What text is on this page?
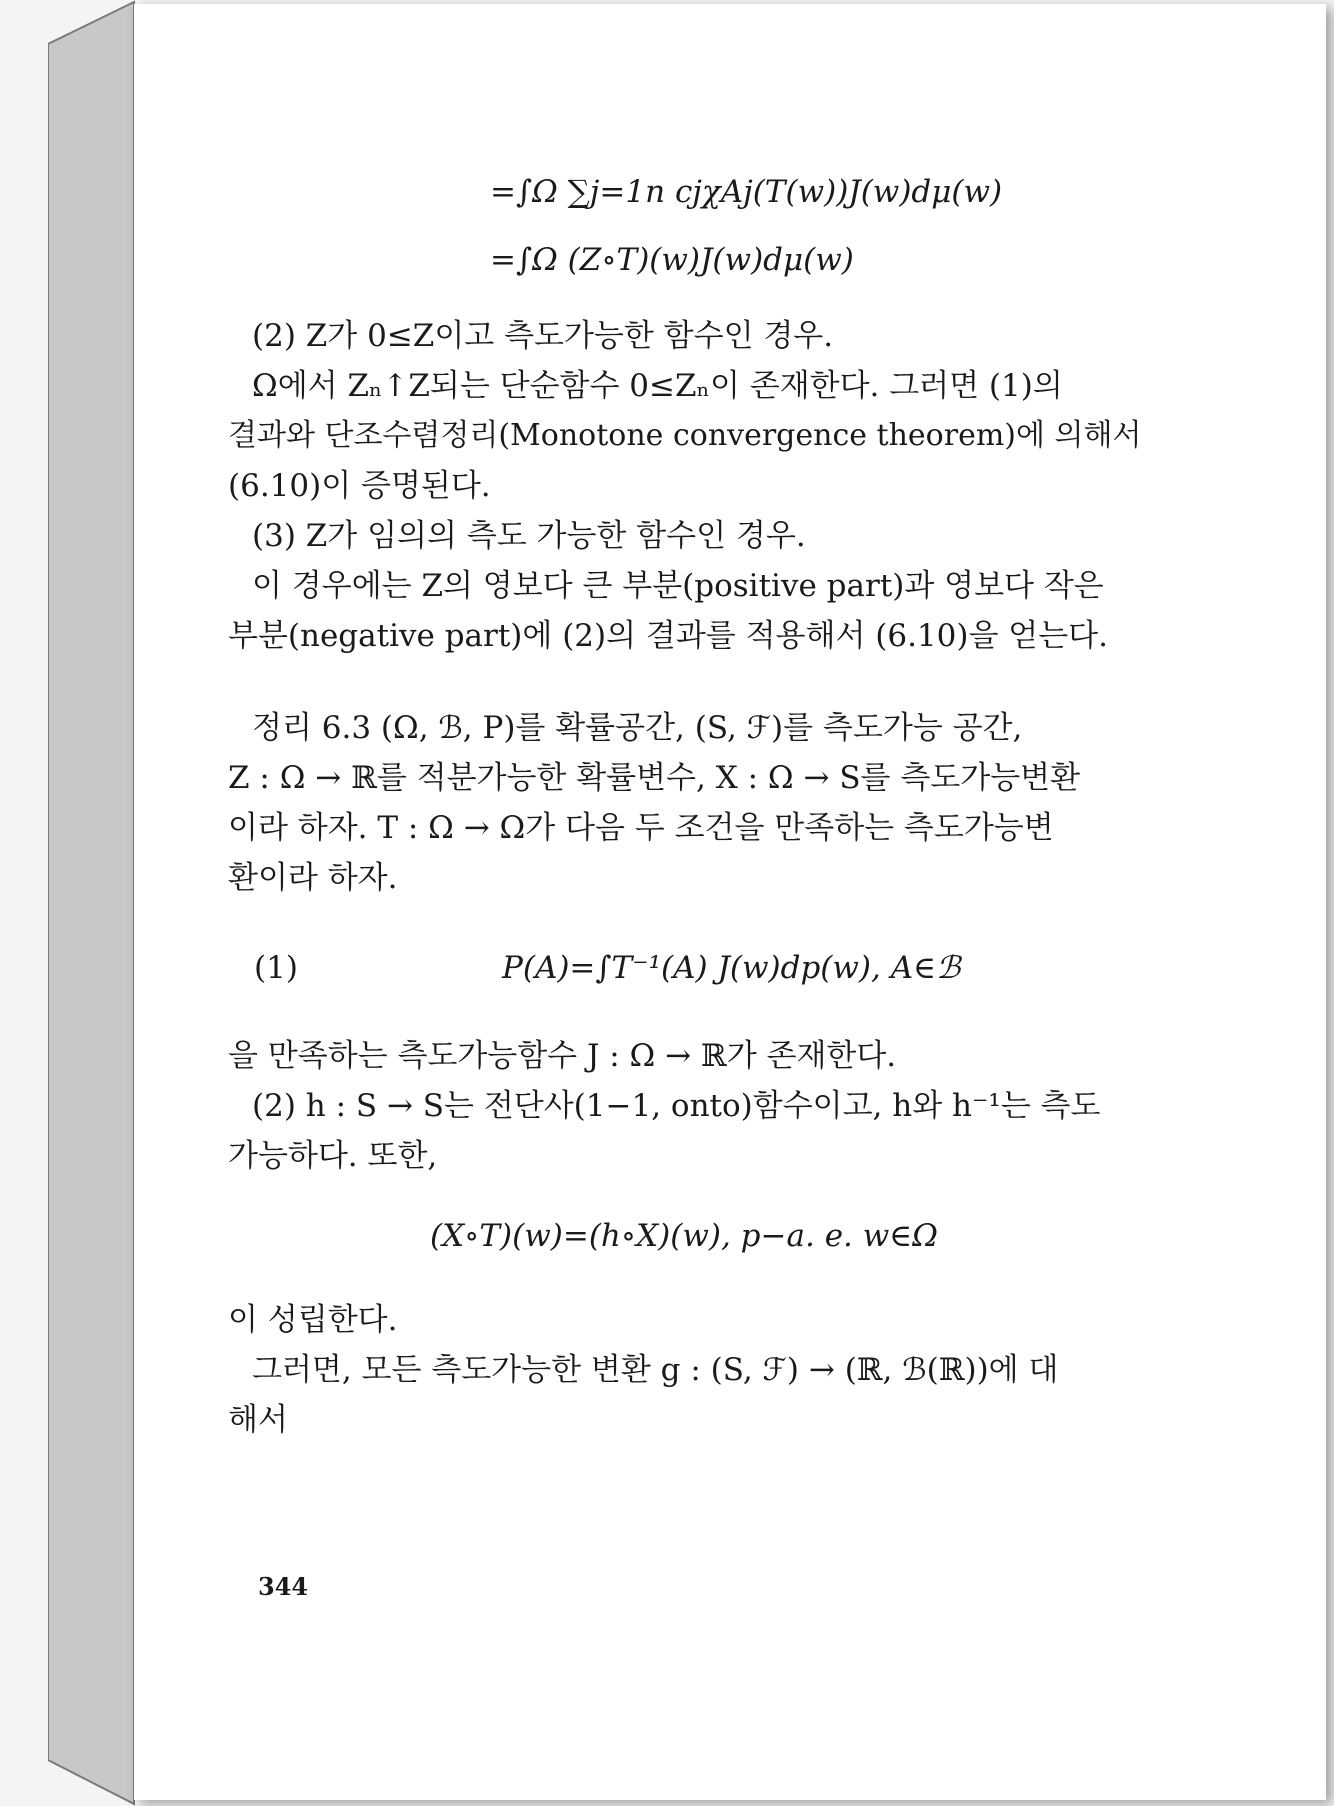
=∫Ω ∑j=1n cjχAj(T(w))J(w)dμ(w)
=∫Ω (Z∘T)(w)J(w)dμ(w)
(2) Z가 0≤Z이고 측도가능한 함수인 경우.
Ω에서 Zₙ↑Z되는 단순함수 0≤Zₙ이 존재한다. 그러면 (1)의
결과와 단조수렴정리(Monotone convergence theorem)에 의해서
(6.10)이 증명된다.
(3) Z가 임의의 측도 가능한 함수인 경우.
이 경우에는 Z의 영보다 큰 부분(positive part)과 영보다 작은
부분(negative part)에 (2)의 결과를 적용해서 (6.10)을 얻는다.
정리 6.3 (Ω, ℬ, P)를 확률공간, (S, ℱ)를 측도가능 공간,
Z : Ω → ℝ를 적분가능한 확률변수, X : Ω → S를 측도가능변환
이라 하자. T : Ω → Ω가 다음 두 조건을 만족하는 측도가능변
환이라 하자.
(1)	P(A)=∫T⁻¹(A) J(w)dp(w), A∈ℬ
을 만족하는 측도가능함수 J : Ω → ℝ가 존재한다.
(2) h : S → S는 전단사(1−1, onto)함수이고, h와 h⁻¹는 측도
가능하다. 또한,
(X∘T)(w)=(h∘X)(w), p−a. e. w∈Ω
이 성립한다.
그러면, 모든 측도가능한 변환 g : (S, ℱ) → (ℝ, ℬ(ℝ))에 대
해서
344
